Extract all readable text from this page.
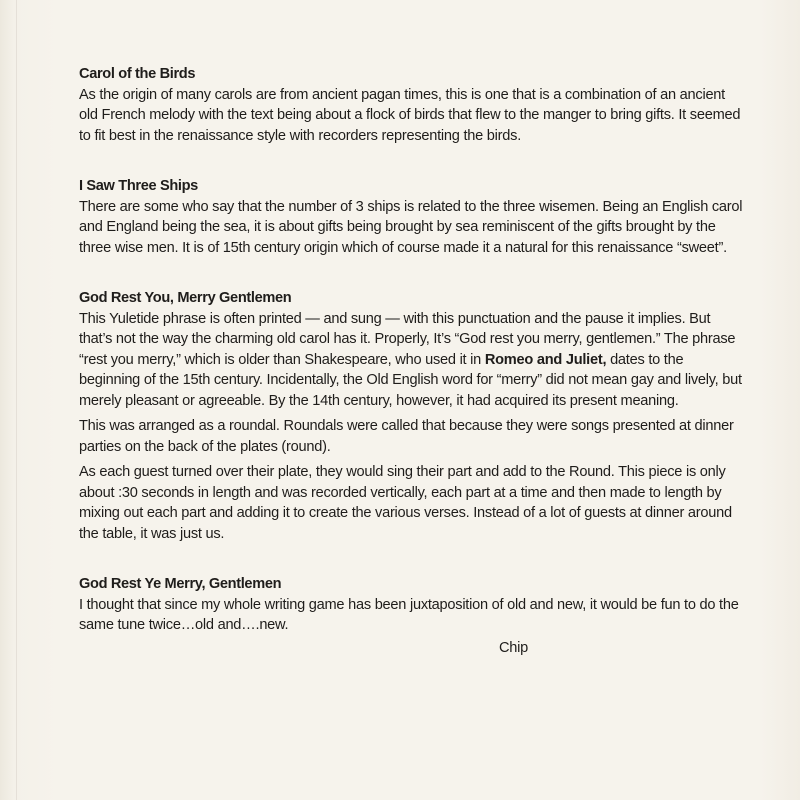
Carol of the Birds

As the origin of many carols are from ancient pagan times, this is one that is a combination of an ancient old French melody with the text being about a flock of birds that flew to the manger to bring gifts. It seemed to fit best in the renaissance style with recorders representing the birds.

I Saw Three Ships

There are some who say that the number of 3 ships is related to the three wisemen. Being an English carol and England being the sea, it is about gifts being brought by sea reminiscent of the gifts brought by the three wise men. It is of 15th century origin which of course made it a natural for this renaissance “sweet”.

God Rest You, Merry Gentlemen

This Yuletide phrase is often printed — and sung — with this punctuation and the pause it implies. But that’s not the way the charming old carol has it. Properly, It’s “God rest you merry, gentlemen.” The phrase “rest you merry,” which is older than Shakespeare, who used it in Romeo and Juliet, dates to the beginning of the 15th century. Incidentally, the Old English word for “merry” did not mean gay and lively, but merely pleasant or agreeable. By the 14th century, however, it had acquired its present meaning.

This was arranged as a roundal. Roundals were called that because they were songs presented at dinner parties on the back of the plates (round).

As each guest turned over their plate, they would sing their part and add to the Round. This piece is only about :30 seconds in length and was recorded vertically, each part at a time and then made to length by mixing out each part and adding it to create the various verses. Instead of a lot of guests at dinner around the table, it was just us.

God Rest Ye Merry, Gentlemen

I thought that since my whole writing game has been juxtaposition of old and new, it would be fun to do the same tune twice…old and….new.

Chip
